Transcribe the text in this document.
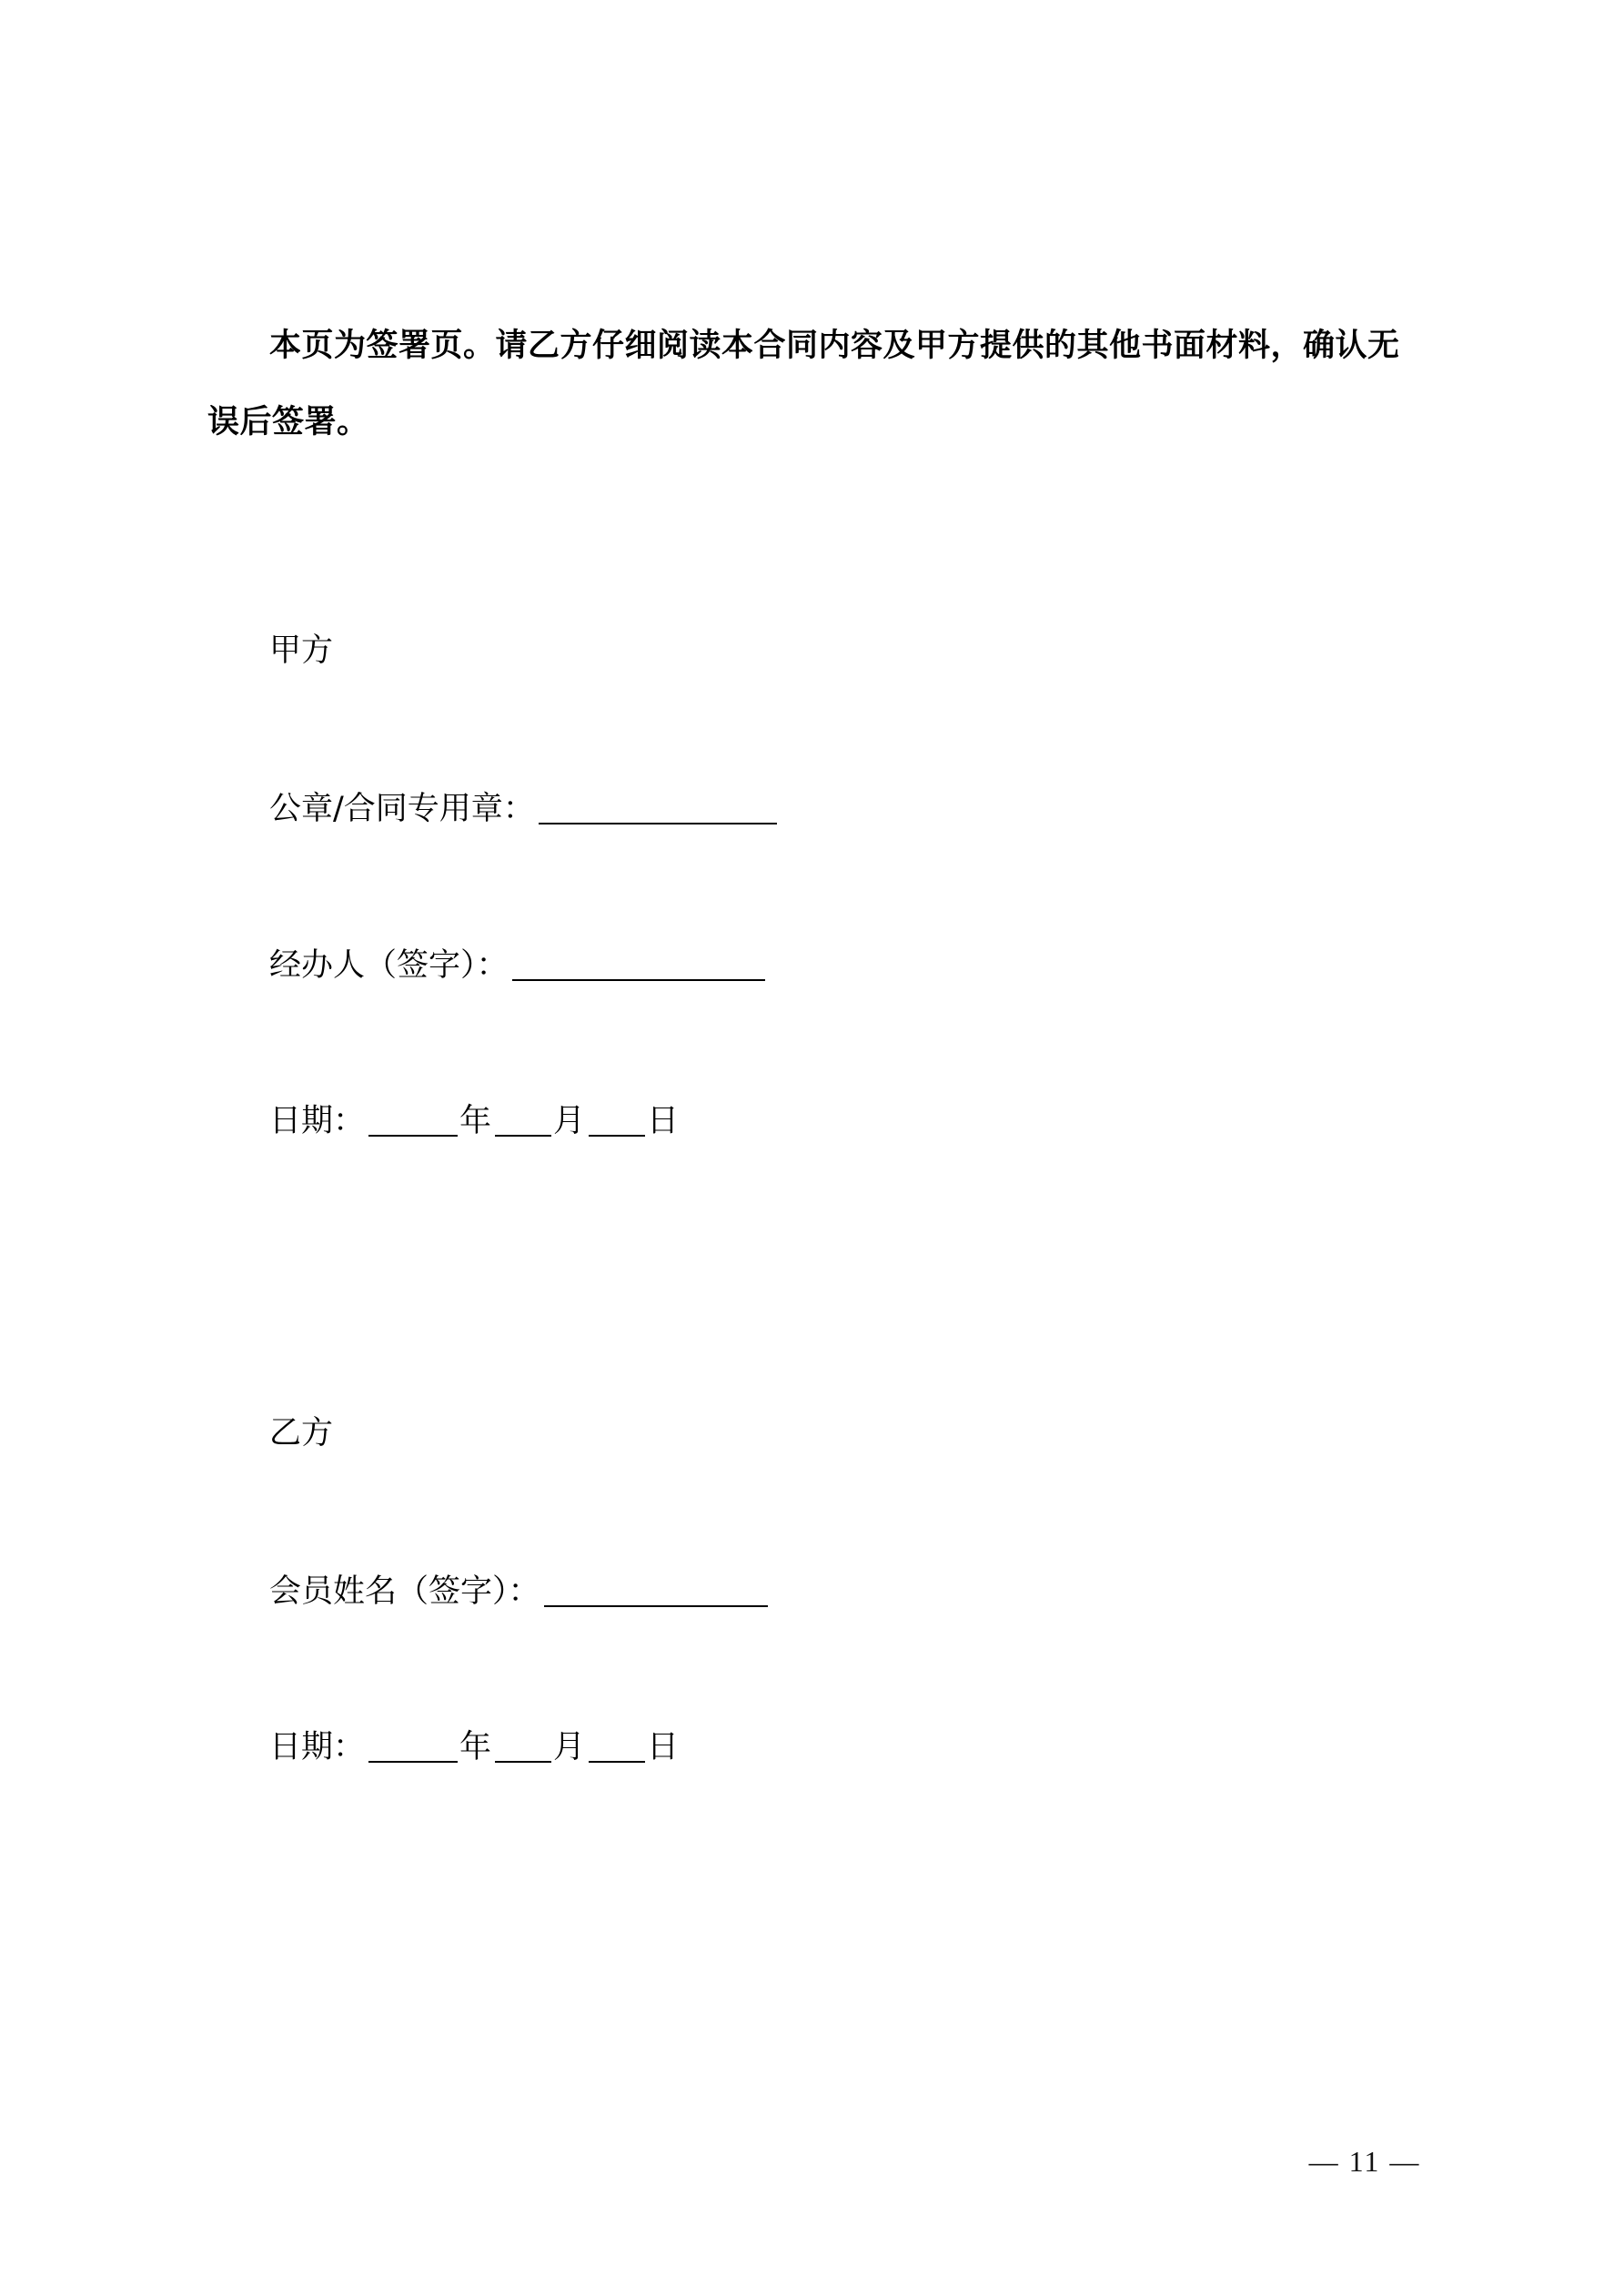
本页为签署页。请乙方仔细阅读本合同内容及甲方提供的其他书面材料，确认无误后签署。
甲方
公章/合同专用章：
经办人（签字）：
日期：	年 月 日
乙方
会员姓名（签字）：
日期：	年 月 日
— 11 —
